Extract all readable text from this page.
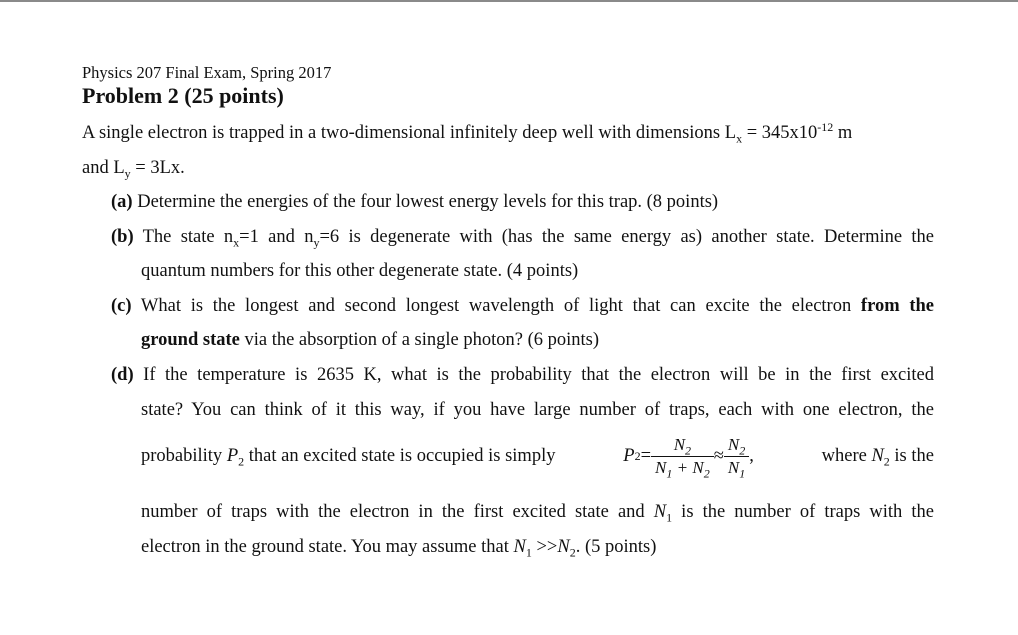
Physics 207 Final Exam, Spring 2017
Problem 2 (25 points)
A single electron is trapped in a two-dimensional infinitely deep well with dimensions $L_x = 345x10^{-12}$ m
and $L_y = 3Lx$.
(a) Determine the energies of the four lowest energy levels for this trap. (8 points)
(b) The state $n_x=1$ and $n_y=6$ is degenerate with (has the same energy as) another state. Determine the
quantum numbers for this other degenerate state. (4 points)
(c) What is the longest and second longest wavelength of light that can excite the electron from the
ground state via the absorption of a single photon? (6 points)
(d) If the temperature is 2635 K, what is the probability that the electron will be in the first excited
state? You can think of it this way, if you have large number of traps, each with one electron, the
probability $P_2$ that an excited state is occupied is simply	P $2 = \frac{N_2}{N_1 + N_2} \approx \frac{N_2}{N_1}$ ,	where $N_2$ is the
number of traps with the electron in the first excited state and $N_1$ is the number of traps with the
electron in the ground state. You may assume that $N_1 >>N_2$. (5 points)
